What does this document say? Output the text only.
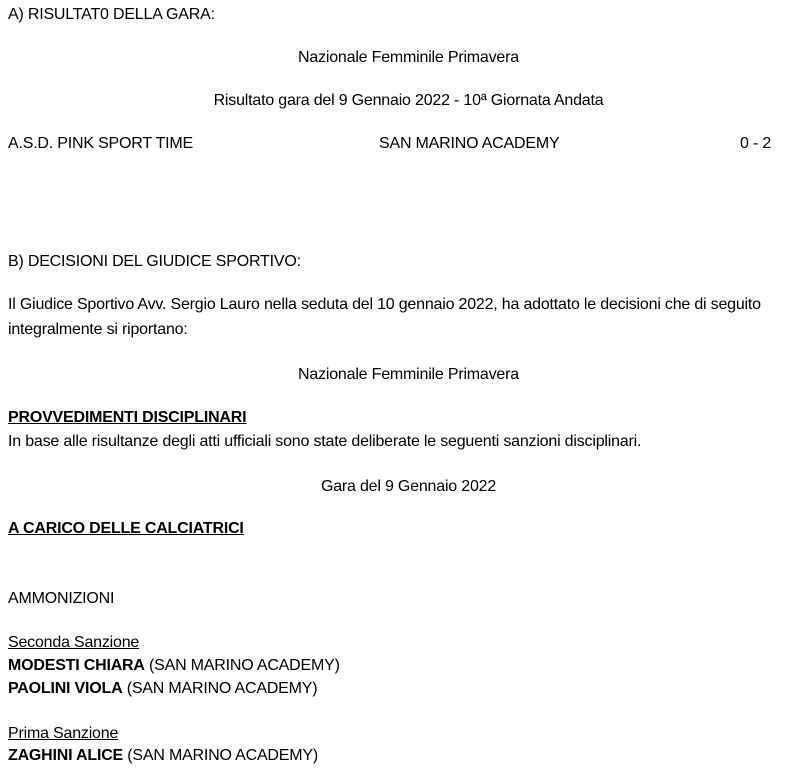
A) RISULTAT0 DELLA GARA:
Nazionale Femminile Primavera
Risultato gara del 9 Gennaio 2022 - 10ª Giornata Andata
A.S.D. PINK SPORT TIME	SAN MARINO ACADEMY	0 - 2
B) DECISIONI DEL GIUDICE SPORTIVO:
Il Giudice Sportivo Avv. Sergio Lauro nella seduta del 10 gennaio 2022, ha adottato le decisioni che di seguito
integralmente si riportano:
Nazionale Femminile Primavera
PROVVEDIMENTI DISCIPLINARI
In base alle risultanze degli atti ufficiali sono state deliberate le seguenti sanzioni disciplinari.
Gara del 9 Gennaio 2022
A CARICO DELLE CALCIATRICI
AMMONIZIONI
Seconda Sanzione
MODESTI CHIARA (SAN MARINO ACADEMY)
PAOLINI VIOLA (SAN MARINO ACADEMY)
Prima Sanzione
ZAGHINI ALICE (SAN MARINO ACADEMY)
